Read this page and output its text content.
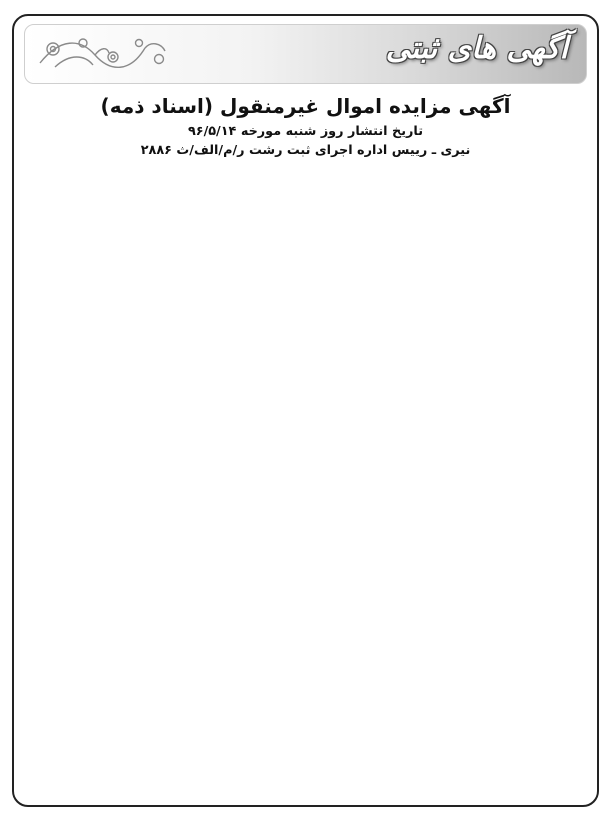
آگهی های ثبتی
آگهی مزایده اموال غیرمنقول (اسناد ذمه)
تاریخ انتشار روز شنبه مورخه ۹۶/۵/۱۴
نیری ـ رییس اداره اجرای ثبت رشت ر/م/الف/ث ۲۸۸۶
